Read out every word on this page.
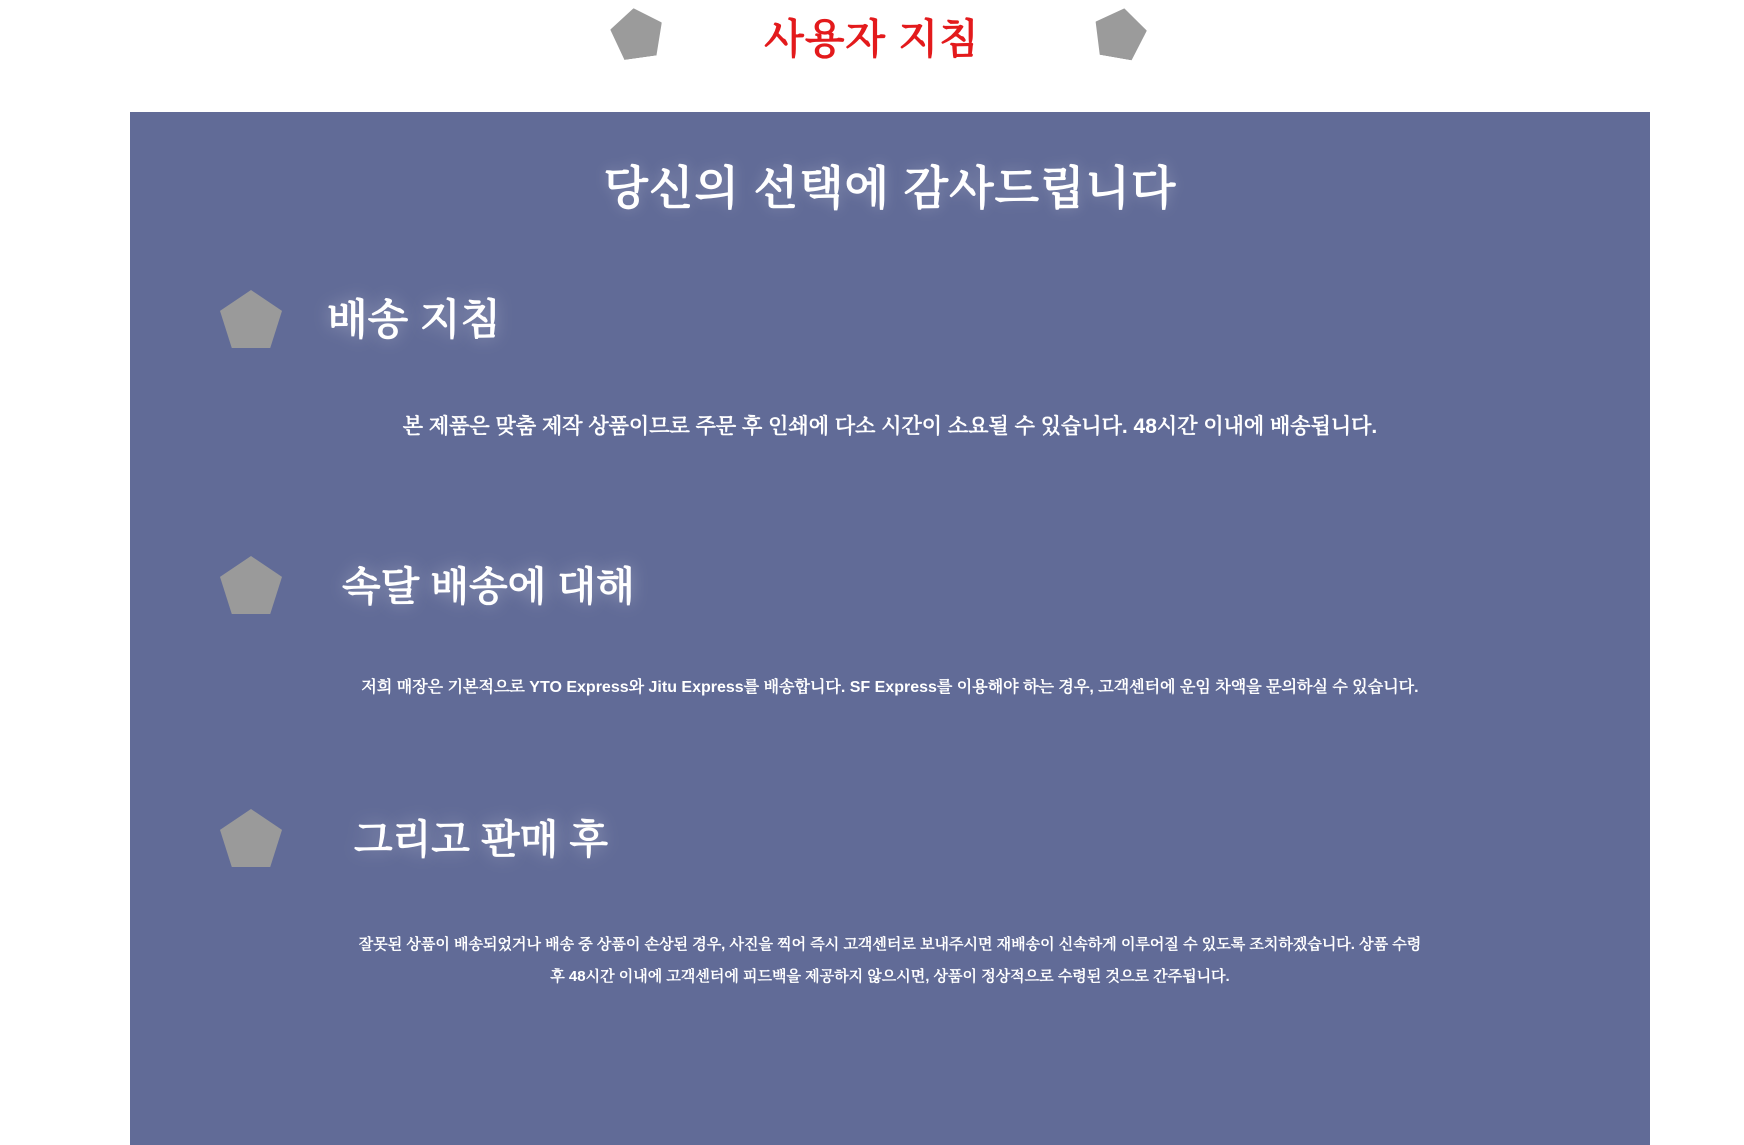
사용자 지침
당신의 선택에 감사드립니다
배송 지침
본 제품은 맞춤 제작 상품이므로 주문 후 인쇄에 다소 시간이 소요될 수 있습니다. 48시간 이내에 배송됩니다.
속달 배송에 대해
저희 매장은 기본적으로 YTO Express와 Jitu Express를 배송합니다. SF Express를 이용해야 하는 경우, 고객센터에 운임 차액을 문의하실 수 있습니다.
그리고 판매 후
잘못된 상품이 배송되었거나 배송 중 상품이 손상된 경우, 사진을 찍어 즉시 고객센터로 보내주시면 재배송이 신속하게 이루어질 수 있도록 조치하겠습니다. 상품 수령 후 48시간 이내에 고객센터에 피드백을 제공하지 않으시면, 상품이 정상적으로 수령된 것으로 간주됩니다.
